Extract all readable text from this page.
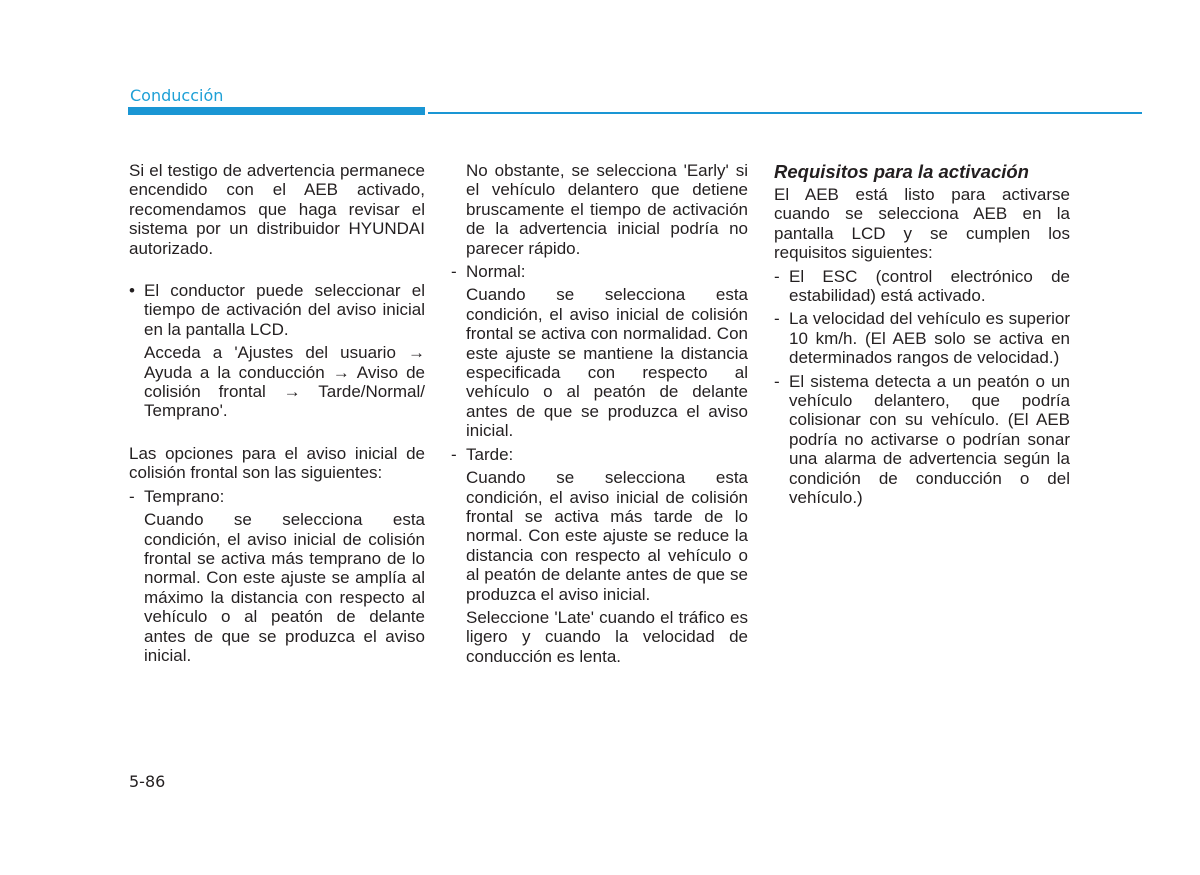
Conducción

Si el testigo de advertencia permanece encendido con el AEB activado, recomendamos que haga revisar el sistema por un distribuidor HYUNDAI autorizado.

• El conductor puede seleccionar el tiempo de activación del aviso inicial en la pantalla LCD.

Acceda a 'Ajustes del usuario → Ayuda a la conducción → Aviso de colisión frontal → Tarde/Normal/ Temprano'.

Las opciones para el aviso inicial de colisión frontal son las siguientes:

- Temprano:

Cuando se selecciona esta condición, el aviso inicial de colisión frontal se activa más temprano de lo normal. Con este ajuste se amplía al máximo la distancia con respecto al vehículo o al peatón de delante antes de que se produzca el aviso inicial.

No obstante, se selecciona 'Early' si el vehículo delantero que detiene bruscamente el tiempo de activación de la advertencia inicial podría no parecer rápido.

- Normal:

Cuando se selecciona esta condición, el aviso inicial de colisión frontal se activa con normalidad. Con este ajuste se mantiene la distancia especificada con respecto al vehículo o al peatón de delante antes de que se produzca el aviso inicial.

- Tarde:

Cuando se selecciona esta condición, el aviso inicial de colisión frontal se activa más tarde de lo normal. Con este ajuste se reduce la distancia con respecto al vehículo o al peatón de delante antes de que se produzca el aviso inicial.

Seleccione 'Late' cuando el tráfico es ligero y cuando la velocidad de conducción es lenta.

Requisitos para la activación

El AEB está listo para activarse cuando se selecciona AEB en la pantalla LCD y se cumplen los requisitos siguientes:

- El ESC (control electrónico de estabilidad) está activado.

- La velocidad del vehículo es superior 10 km/h. (El AEB solo se activa en determinados rangos de velocidad.)

- El sistema detecta a un peatón o un vehículo delantero, que podría colisionar con su vehículo. (El AEB podría no activarse o podrían sonar una alarma de advertencia según la condición de conducción o del vehículo.)

5-86
